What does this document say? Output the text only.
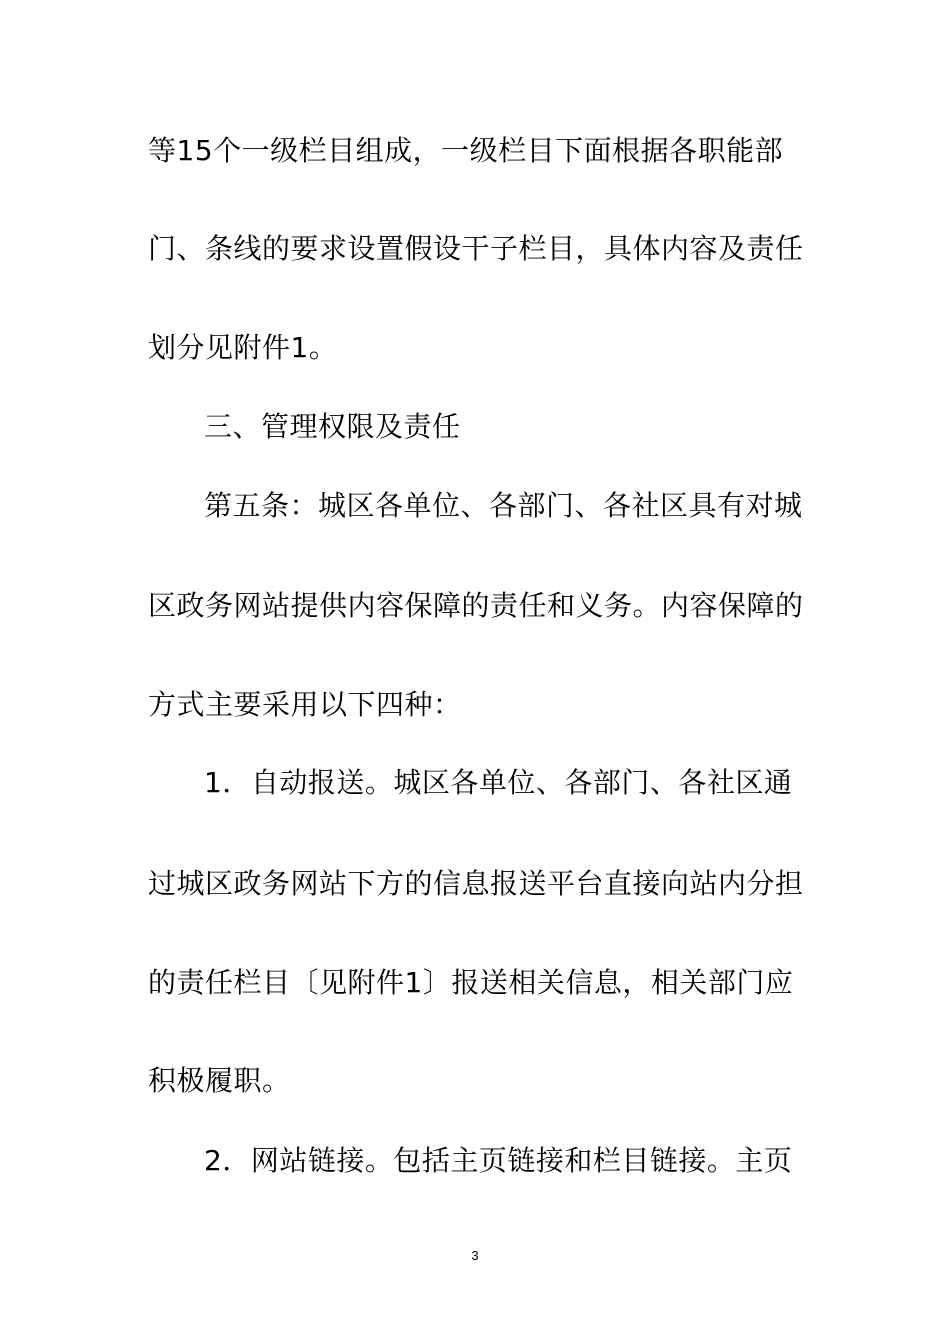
等15个一级栏目组成，一级栏目下面根据各职能部
门、条线的要求设置假设干子栏目，具体内容及责任
划分见附件1。
三、管理权限及责任
第五条：城区各单位、各部门、各社区具有对城
区政务网站提供内容保障的责任和义务。内容保障的
方式主要采用以下四种：
1．自动报送。城区各单位、各部门、各社区通
过城区政务网站下方的信息报送平台直接向站内分担
的责任栏目〔见附件1〕报送相关信息，相关部门应
积极履职。
2．网站链接。包括主页链接和栏目链接。主页
3
